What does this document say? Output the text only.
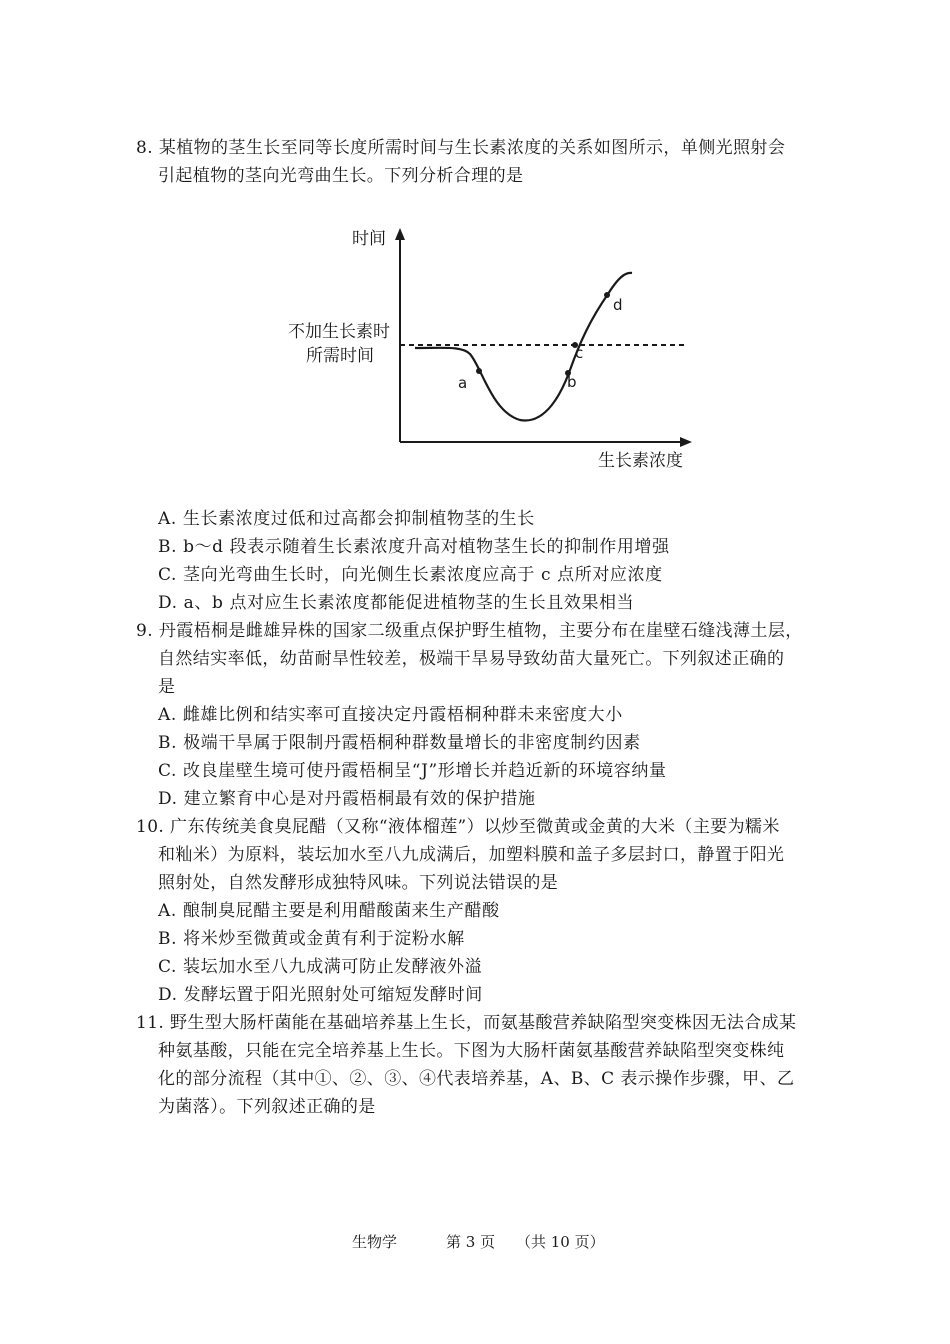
8. 某植物的茎生长至同等长度所需时间与生长素浓度的关系如图所示，单侧光照射会
引起植物的茎向光弯曲生长。下列分析合理的是
时间
不加生长素时
所需时间
a	b
c
d
生长素浓度
A. 生长素浓度过低和过高都会抑制植物茎的生长
B. b～d 段表示随着生长素浓度升高对植物茎生长的抑制作用增强
C. 茎向光弯曲生长时，向光侧生长素浓度应高于 c 点所对应浓度
D. a、b 点对应生长素浓度都能促进植物茎的生长且效果相当
9. 丹霞梧桐是雌雄异株的国家二级重点保护野生植物，主要分布在崖壁石缝浅薄土层，
自然结实率低，幼苗耐旱性较差，极端干旱易导致幼苗大量死亡。下列叙述正确的
是
A. 雌雄比例和结实率可直接决定丹霞梧桐种群未来密度大小
B. 极端干旱属于限制丹霞梧桐种群数量增长的非密度制约因素
C. 改良崖壁生境可使丹霞梧桐呈“J”形增长并趋近新的环境容纳量
D. 建立繁育中心是对丹霞梧桐最有效的保护措施
10. 广东传统美食臭屁醋（又称“液体榴莲”）以炒至微黄或金黄的大米（主要为糯米
和籼米）为原料，装坛加水至八九成满后，加塑料膜和盖子多层封口，静置于阳光
照射处，自然发酵形成独特风味。下列说法错误的是
A. 酿制臭屁醋主要是利用醋酸菌来生产醋酸
B. 将米炒至微黄或金黄有利于淀粉水解
C. 装坛加水至八九成满可防止发酵液外溢
D. 发酵坛置于阳光照射处可缩短发酵时间
11. 野生型大肠杆菌能在基础培养基上生长，而氨基酸营养缺陷型突变株因无法合成某
种氨基酸，只能在完全培养基上生长。下图为大肠杆菌氨基酸营养缺陷型突变株纯
化的部分流程（其中①、②、③、④代表培养基，A、B、C 表示操作步骤，甲、乙
为菌落）。下列叙述正确的是
生物学	第 3 页 （共 10 页）
